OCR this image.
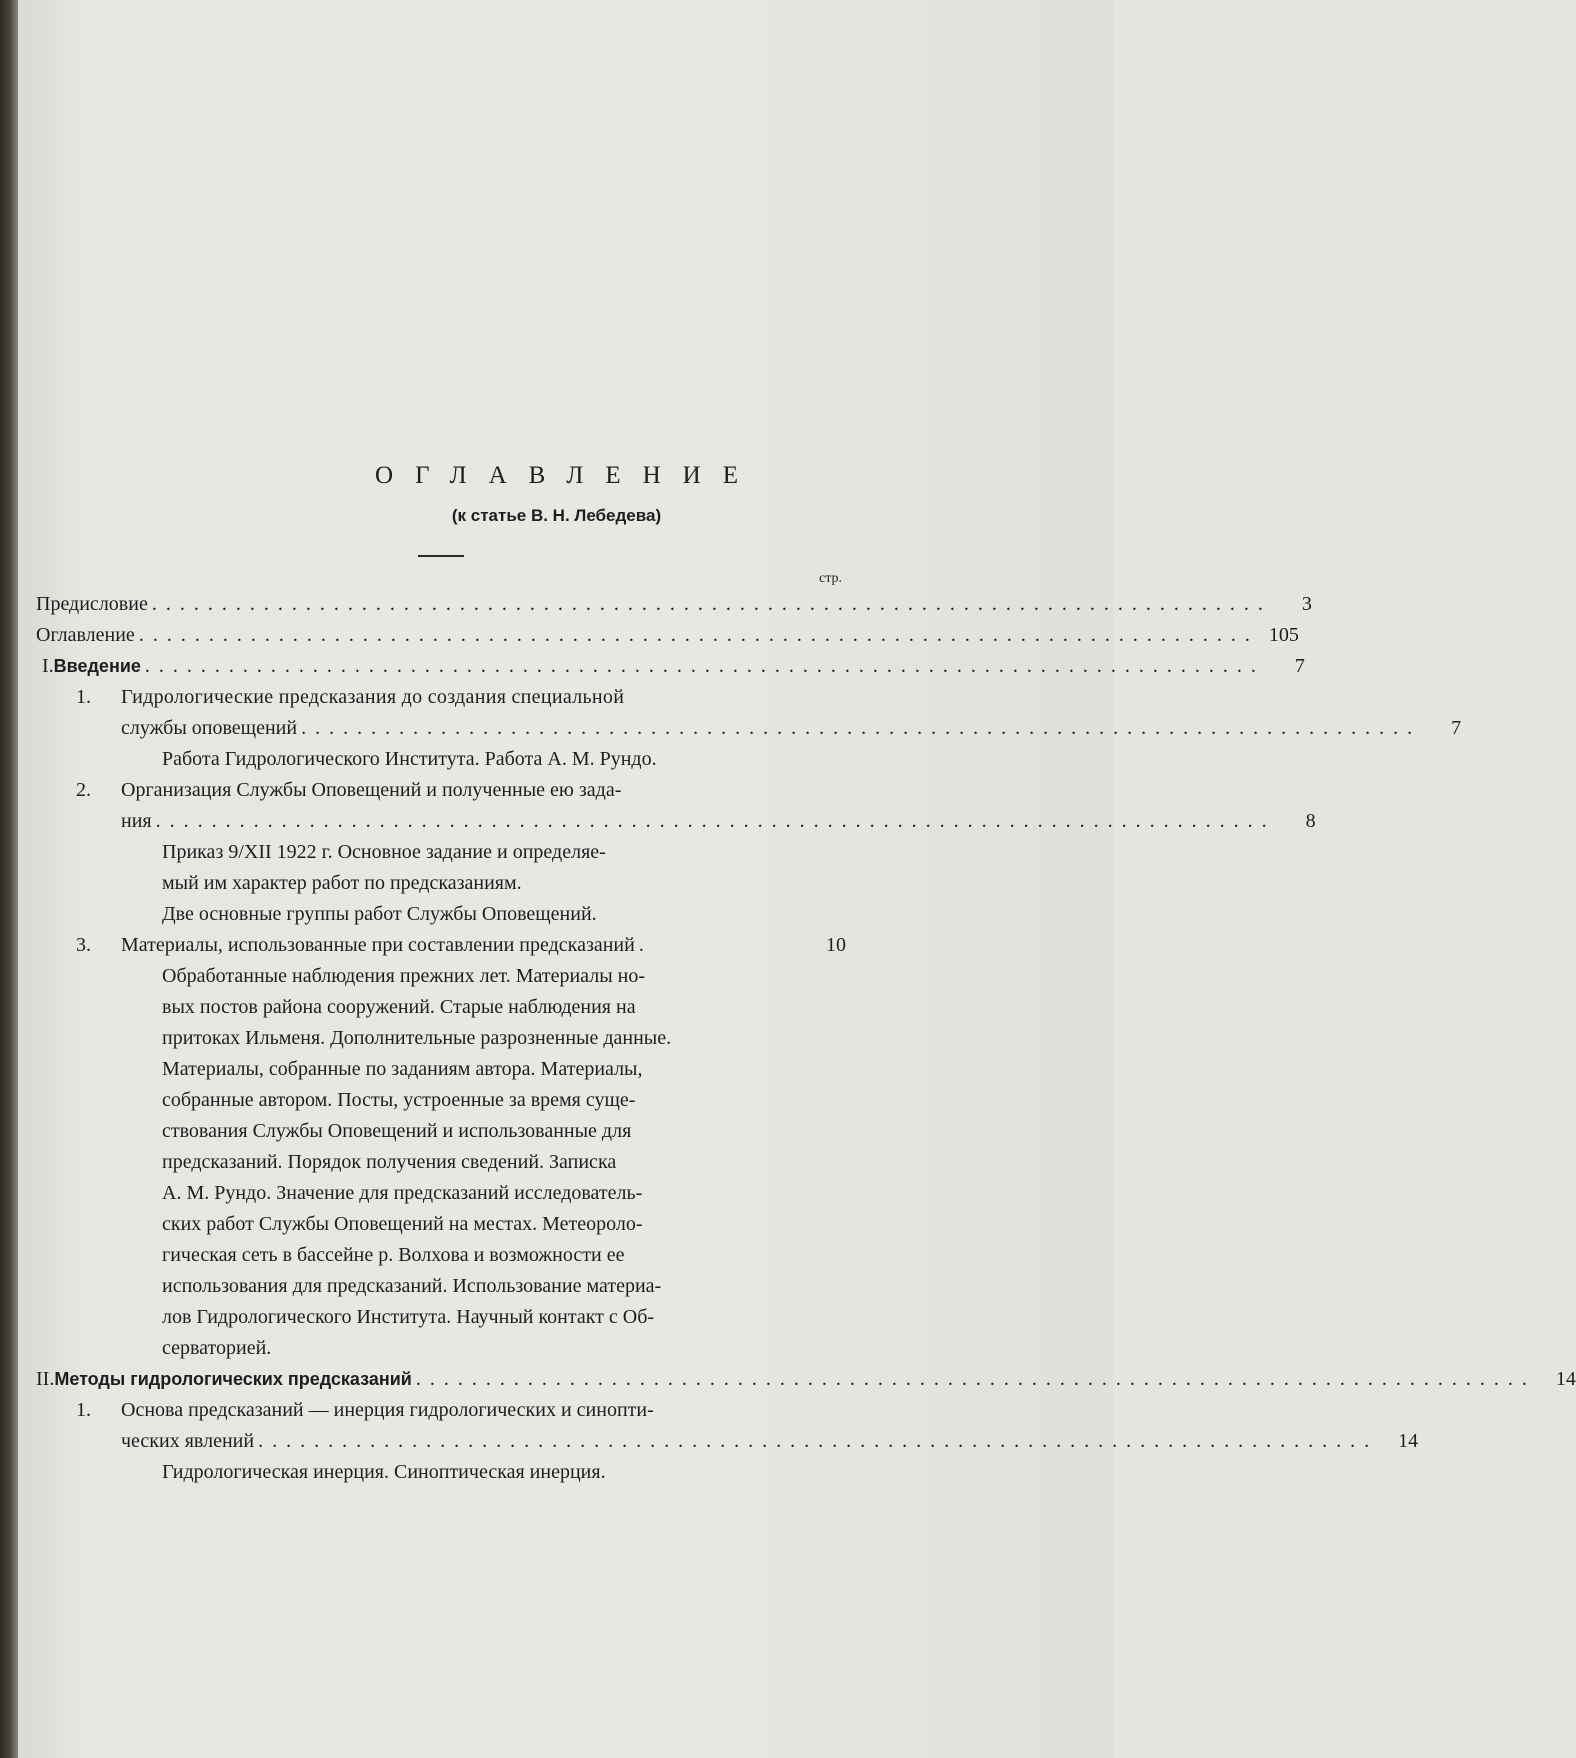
ОГЛАВЛЕНИЕ
(к статье В. Н. Лебедева)
стр.
Предисловие ................................................................................	3
Оглавление ................................................................................ 105
I. Введение ................................................................................	7
1.	Гидрологические предсказания до создания специальной
службы оповещений ................................................................................	7
Работа Гидрологического Института. Работа А. М. Рундо.
2.	Организация Службы Оповещений и полученные ею зада-
ния ................................................................................	8
Приказ 9/XII 1922 г. Основное задание и определяе-
мый им характер работ по предсказаниям.
Две основные группы работ Службы Оповещений.
3.	Материалы, использованные при составлении предсказаний .	10
Обработанные наблюдения прежних лет. Материалы но-
вых постов района сооружений. Старые наблюдения на
притоках Ильменя. Дополнительные разрозненные данные.
Материалы, собранные по заданиям автора. Материалы,
собранные автором. Посты, устроенные за время суще-
ствования Службы Оповещений и использованные для
предсказаний. Порядок получения сведений. Записка
А. М. Рундо. Значение для предсказаний исследователь-
ских работ Службы Оповещений на местах. Метеороло-
гическая сеть в бассейне р. Волхова и возможности ее
использования для предсказаний. Использование материа-
лов Гидрологического Института. Научный контакт с Об-
серваторией.
II. Методы гидрологических предсказаний ................................................................................	14
1.	Основа предсказаний — инерция гидрологических и синопти-
ческих явлений ................................................................................	14
Гидрологическая инерция. Синоптическая инерция.
